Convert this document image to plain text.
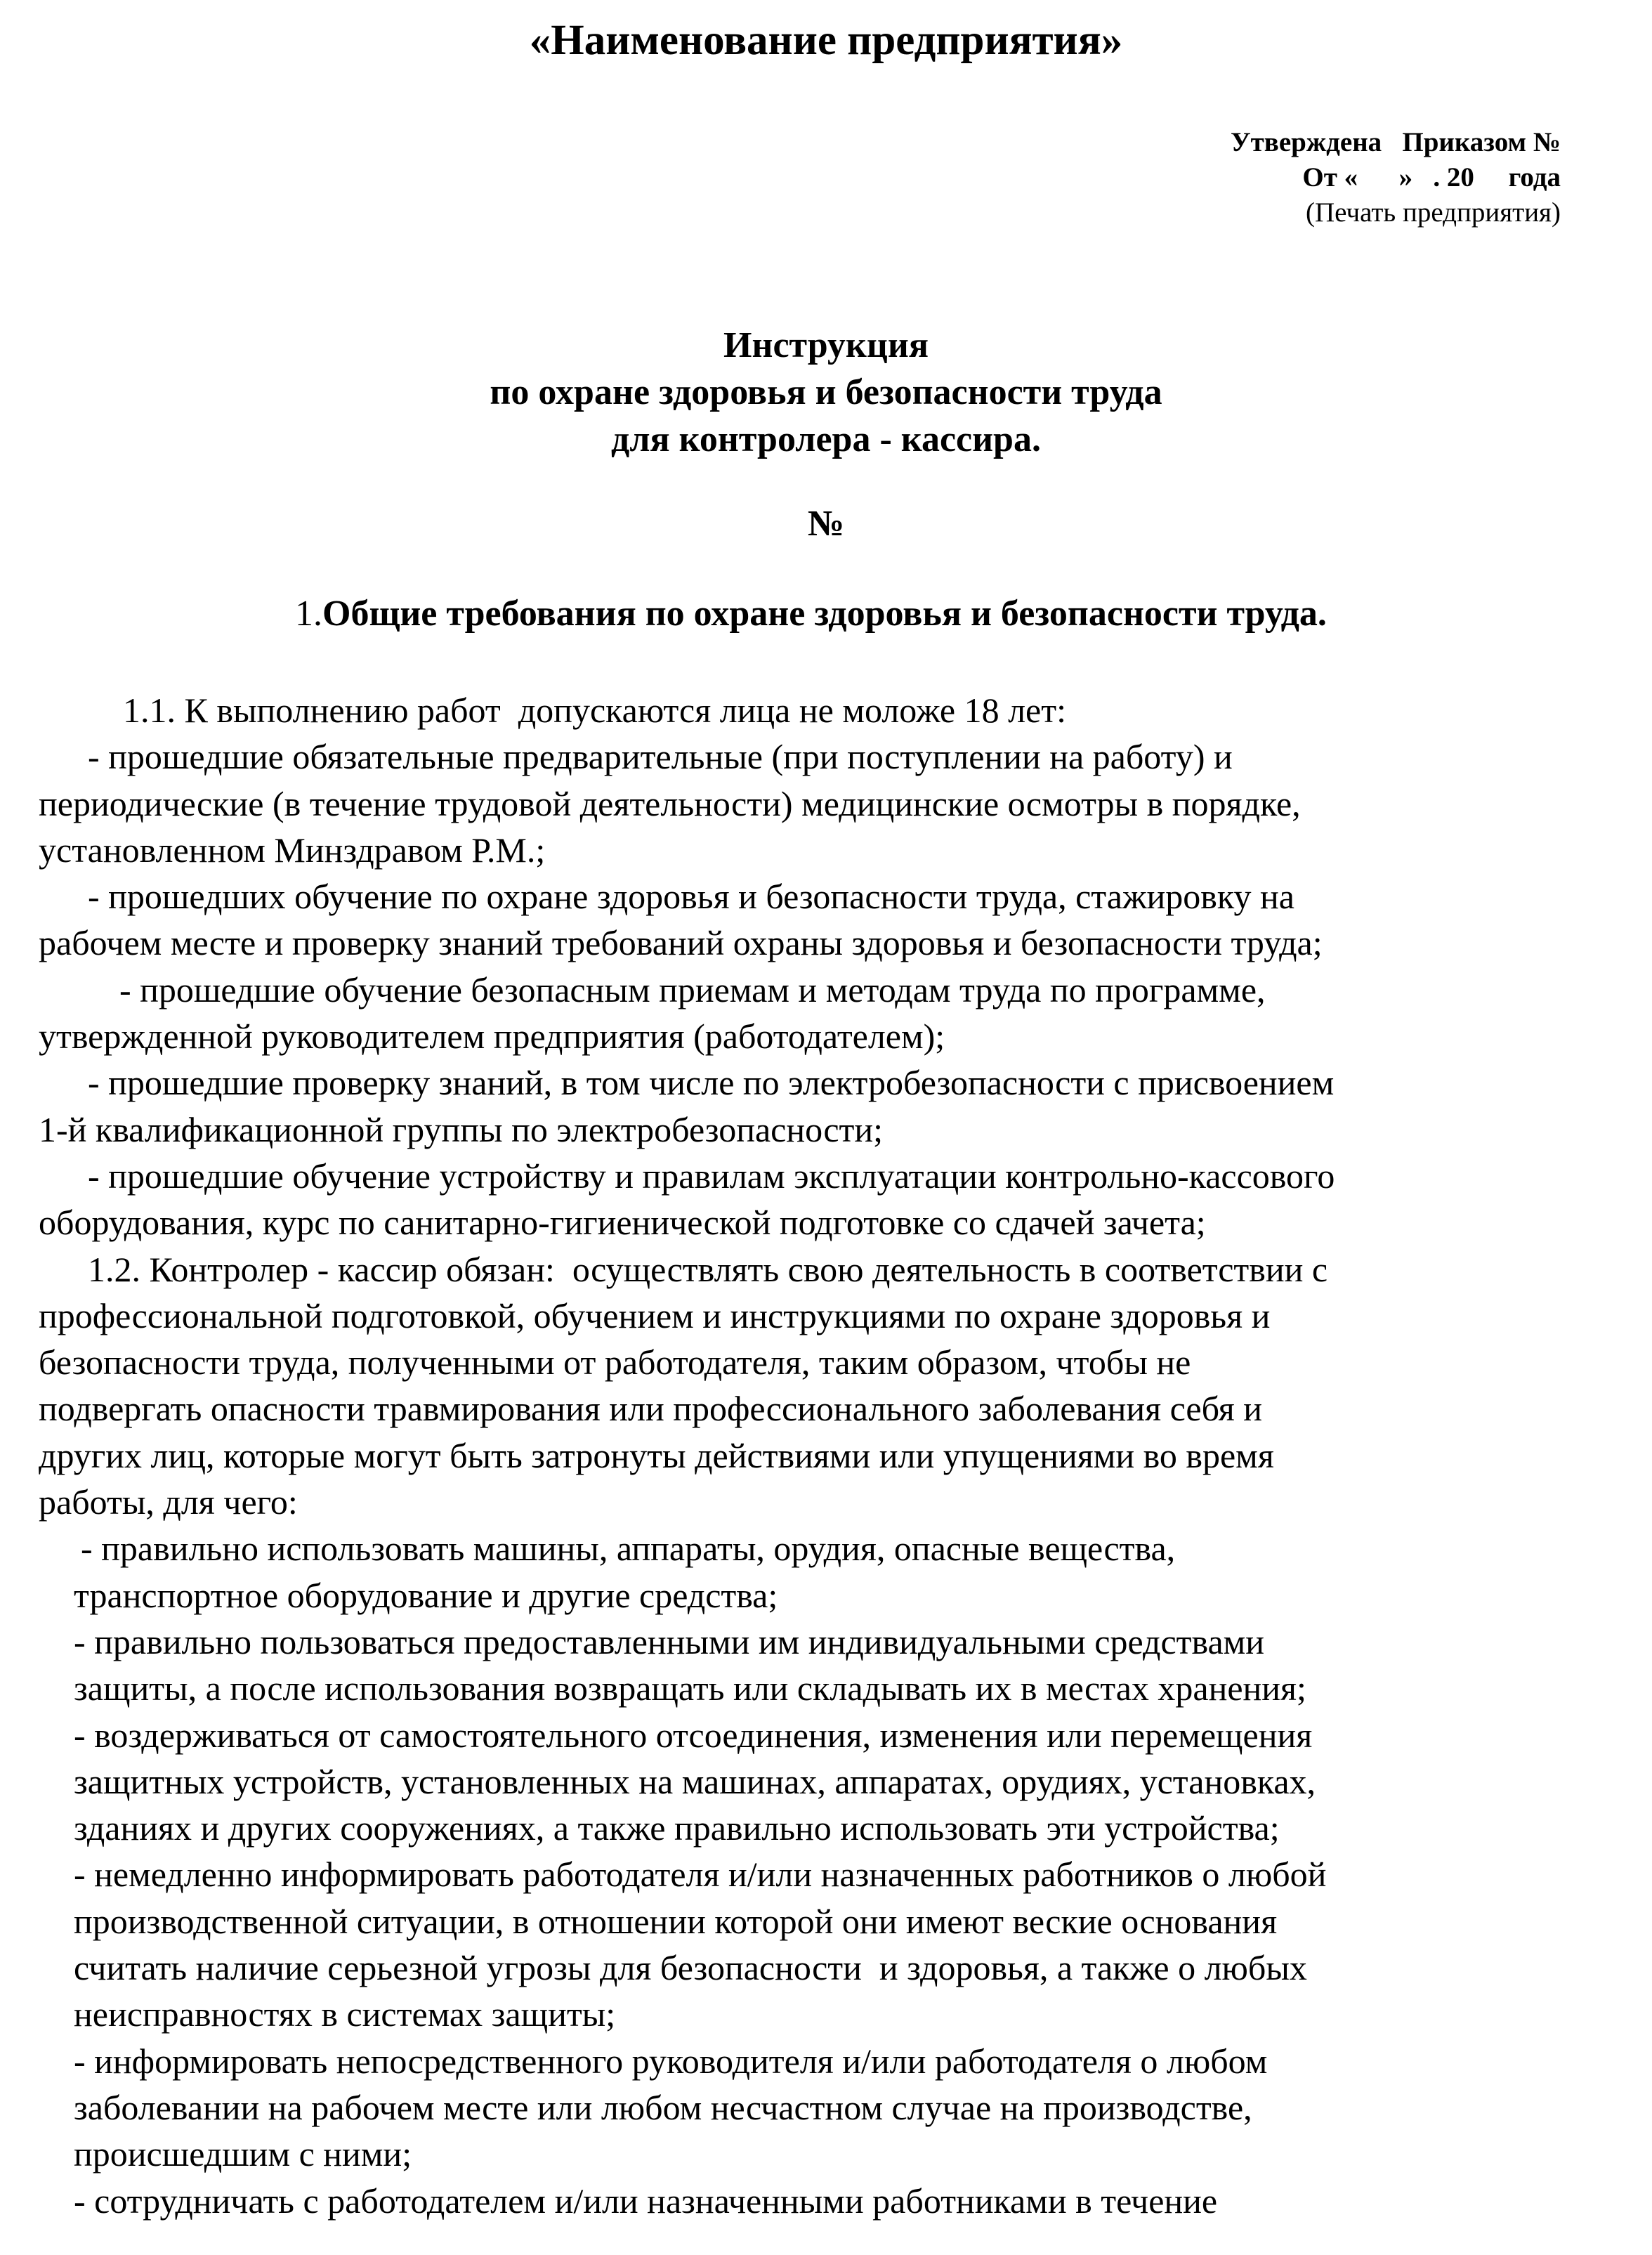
«Наименование предприятия»
Утверждена   Приказом №
От «      »   . 20     года
(Печать предприятия)
Инструкция
по охране здоровья и безопасности труда
для контролера - кассира.
№
1.Общие требования по охране здоровья и безопасности труда.
1.1. К выполнению работ  допускаются лица не моложе 18 лет:
- прошедшие обязательные предварительные (при поступлении на работу) и
периодические (в течение трудовой деятельности) медицинские осмотры в порядке,
установленном Минздравом Р.М.;
- прошедших обучение по охране здоровья и безопасности труда, стажировку на
рабочем месте и проверку знаний требований охраны здоровья и безопасности труда;
- прошедшие обучение безопасным приемам и методам труда по программе,
утвержденной руководителем предприятия (работодателем);
- прошедшие проверку знаний, в том числе по электробезопасности с присвоением
1-й квалификационной группы по электробезопасности;
- прошедшие обучение устройству и правилам эксплуатации контрольно-кассового
оборудования, курс по санитарно-гигиенической подготовке со сдачей зачета;
1.2. Контролер - кассир обязан:  осуществлять свою деятельность в соответствии с
профессиональной подготовкой, обучением и инструкциями по охране здоровья и
безопасности труда, полученными от работодателя, таким образом, чтобы не
подвергать опасности травмирования или профессионального заболевания себя и
других лиц, которые могут быть затронуты действиями или упущениями во время
работы, для чего:
- правильно использовать машины, аппараты, орудия, опасные вещества,
транспортное оборудование и другие средства;
- правильно пользоваться предоставленными им индивидуальными средствами
защиты, а после использования возвращать или складывать их в местах хранения;
- воздерживаться от самостоятельного отсоединения, изменения или перемещения
защитных устройств, установленных на машинах, аппаратах, орудиях, установках,
зданиях и других сооружениях, а также правильно использовать эти устройства;
- немедленно информировать работодателя и/или назначенных работников о любой
производственной ситуации, в отношении которой они имеют веские основания
считать наличие серьезной угрозы для безопасности  и здоровья, а также о любых
неисправностях в системах защиты;
- информировать непосредственного руководителя и/или работодателя о любом
заболевании на рабочем месте или любом несчастном случае на производстве,
происшедшим с ними;
- сотрудничать с работодателем и/или назначенными работниками в течение
